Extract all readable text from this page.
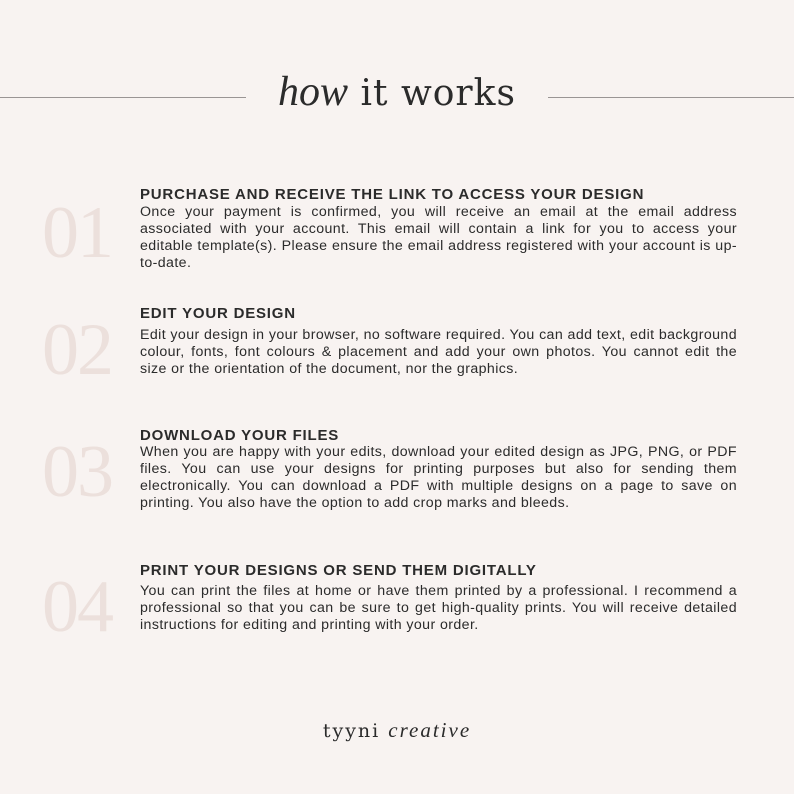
how it works
01 PURCHASE AND RECEIVE THE LINK TO ACCESS YOUR DESIGN
Once your payment is confirmed, you will receive an email at the email address associated with your account. This email will contain a link for you to access your editable template(s). Please ensure the email address registered with your account is up-to-date.
02 EDIT YOUR DESIGN
Edit your design in your browser, no software required. You can add text, edit background colour, fonts, font colours & placement and add your own photos. You cannot edit the size or the orientation of the document, nor the graphics.
03 DOWNLOAD YOUR FILES
When you are happy with your edits, download your edited design as JPG, PNG, or PDF files. You can use your designs for printing purposes but also for sending them electronically. You can download a PDF with multiple designs on a page to save on printing. You also have the option to add crop marks and bleeds.
04 PRINT YOUR DESIGNS OR SEND THEM DIGITALLY
You can print the files at home or have them printed by a professional. I recommend a professional so that you can be sure to get high-quality prints. You will receive detailed instructions for editing and printing with your order.
tyyni creative
